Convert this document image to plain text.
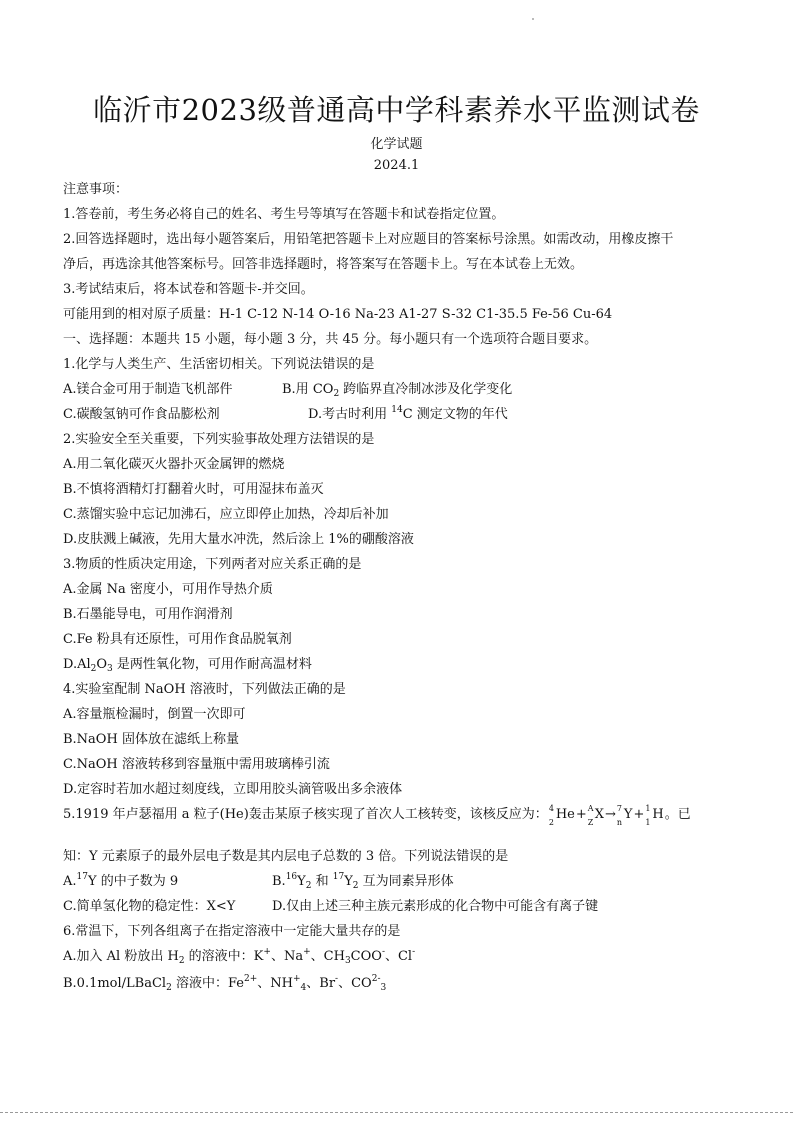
临沂市2023级普通高中学科素养水平监测试卷
化学试题
2024.1
注意事项：
1.答卷前，考生务必将自己的姓名、考生号等填写在答题卡和试卷指定位置。
2.回答选择题时，选出每小题答案后，用铅笔把答题卡上对应题目的答案标号涂黑。如需改动，用橡皮擦干
净后，再选涂其他答案标号。回答非选择题时，将答案写在答题卡上。写在本试卷上无效。
3.考试结束后，将本试卷和答题卡-并交回。
可能用到的相对原子质量：H-1 C-12 N-14 O-16 Na-23 A1-27 S-32 C1-35.5 Fe-56 Cu-64
一、选择题：本题共 15 小题，每小题 3 分，共 45 分。每小题只有一个选项符合题目要求。
1.化学与人类生产、生活密切相关。下列说法错误的是
A.镁合金可用于制造飞机部件	B.用 $CO_2$ 跨临界直冷制冰涉及化学变化
C.碳酸氢钠可作食品膨松剂	D.考古时利用 $^{14}$C 测定文物的年代
2.实验安全至关重要，下列实验事故处理方法错误的是
A.用二氧化碳灭火器扑灭金属钾的燃烧
B.不慎将酒精灯打翻着火时，可用湿抹布盖灭
C.蒸馏实验中忘记加沸石，应立即停止加热，冷却后补加
D.皮肤溅上碱液，先用大量水冲洗，然后涂上 1%的硼酸溶液
3.物质的性质决定用途，下列两者对应关系正确的是
A.金属 Na 密度小，可用作导热介质
B.石墨能导电，可用作润滑剂
C.Fe 粉具有还原性，可用作食品脱氧剂
$D.Al_2O_3$ 是两性氧化物，可用作耐高温材料
4.实验室配制 NaOH 溶液时，下列做法正确的是
A.容量瓶检漏时，倒置一次即可
B.NaOH 固体放在滤纸上称量
C.NaOH 溶液转移到容量瓶中需用玻璃棒引流
D.定容时若加水超过刻度线，立即用胶头滴管吸出多余液体
5.1919 年卢瑟福用 a 粒子(He)轰击某原子核实现了首次人工核转变，该核反应为： 4
2
He+ A
Z
X→ 7
n
Y+ 1
1
H。已
知：Y 元素原子的最外层电子数是其内层电子总数的 3 倍。下列说法错误的是
A.$^{17}$Y 的中子数为 9	$B.^{16}Y_2$ 和 $^{17}Y_2$ 互为同素异形体
C.简单氢化物的稳定性：X<Y	D.仅由上述三种主族元素形成的化合物中可能含有离子键
6.常温下，下列各组离子在指定溶液中一定能大量共存的是
A.加入 Al 粉放出 $H_2$ 的溶液中：K+、Na+、$CH_3COO^-$、Cl-
B.0.1mol/LBaCl$_2$ 溶液中：$Fe^{2+}$、$NH^+_4$、Br-、$CO^{2-}_3$
